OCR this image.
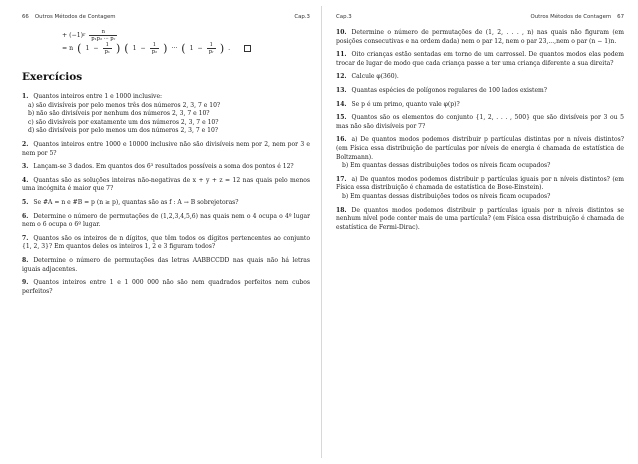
66 Outros Métodos de Contagem	Cap.3
+ (−1) r $\frac{n}{\text{p₁p₂ ··· pᵣ}}$
= n ( $1 - \frac{1}{\text{p₁}}$ ) ( $1 - \frac{1}{\text{p₂}}$ ) ··· ( $1 - \frac{1}{\text{pᵣ}}$ ) .
Exercícios
1. Quantos inteiros entre 1 e 1000 inclusive:
a) são divisíveis por pelo menos três dos números 2, 3, 7 e 10?
b) não são divisíveis por nenhum dos números 2, 3, 7 e 10?
c) são divisíveis por exatamente um dos números 2, 3, 7 e 10?
d) são divisíveis por pelo menos um dos números 2, 3, 7 e 10?
2. Quantos inteiros entre 1000 e 10000 inclusive não são divisíveis nem por 2, nem por 3 e nem por 5?
3. Lançam-se 3 dados. Em quantos dos 6³ resultados possíveis a soma dos pontos é 12?
4. Quantas são as soluções inteiras não-negativas de x + y + z = 12 nas quais pelo menos uma incógnita é maior que 7?
5. Se #A = n e #B = p (n ≥ p), quantas são as f : A → B sobrejetoras?
6. Determine o número de permutações de (1,2,3,4,5,6) nas quais nem o 4 ocupa o 4º lugar nem o 6 ocupa o 6º lugar.
7. Quantos são os inteiros de n dígitos, que têm todos os dígitos pertencentes ao conjunto {1, 2, 3}? Em quantos deles os inteiros 1, 2 e 3 figuram todos?
8. Determine o número de permutações das letras AABBCCDD nas quais não há letras iguais adjacentes.
9. Quantos inteiros entre 1 e 1 000 000 não são nem quadrados perfeitos nem cubos perfeitos?
Cap.3	Outros Métodos de Contagem 67
10. Determine o número de permutações de (1, 2, . . . , n) nas quais não figuram (em posições consecutivas e na ordem dada) nem o par 12, nem o par 23,...,nem o par (n − 1)n.
11. Oito crianças estão sentadas em torno de um carrossel. De quantos modos elas podem trocar de lugar de modo que cada criança passe a ter uma criança diferente a sua direita?
12. Calcule φ(360).
13. Quantas espécies de polígonos regulares de 100 lados existem?
14. Se p é um primo, quanto vale φ(p)?
15. Quantos são os elementos do conjunto {1, 2, . . . , 500} que são divisíveis por 3 ou 5 mas não são divisíveis por 7?
16. a) De quantos modos podemos distribuir p partículas distintas por n níveis distintos? (em Física essa distribuição de partículas por níveis de energia é chamada de estatística de Boltzmann).
b) Em quantas dessas distribuições todos os níveis ficam ocupados?
17. a) De quantos modos podemos distribuir p partículas iguais por n níveis distintos? (em Física essa distribuição é chamada de estatística de Bose-Einstein).
b) Em quantas dessas distribuições todos os níveis ficam ocupados?
18. De quantos modos podemos distribuir p partículas iguais por n níveis distintos se nenhum nível pode conter mais de uma partícula? (em Física essa distribuição é chamada de estatística de Fermi-Dirac).
